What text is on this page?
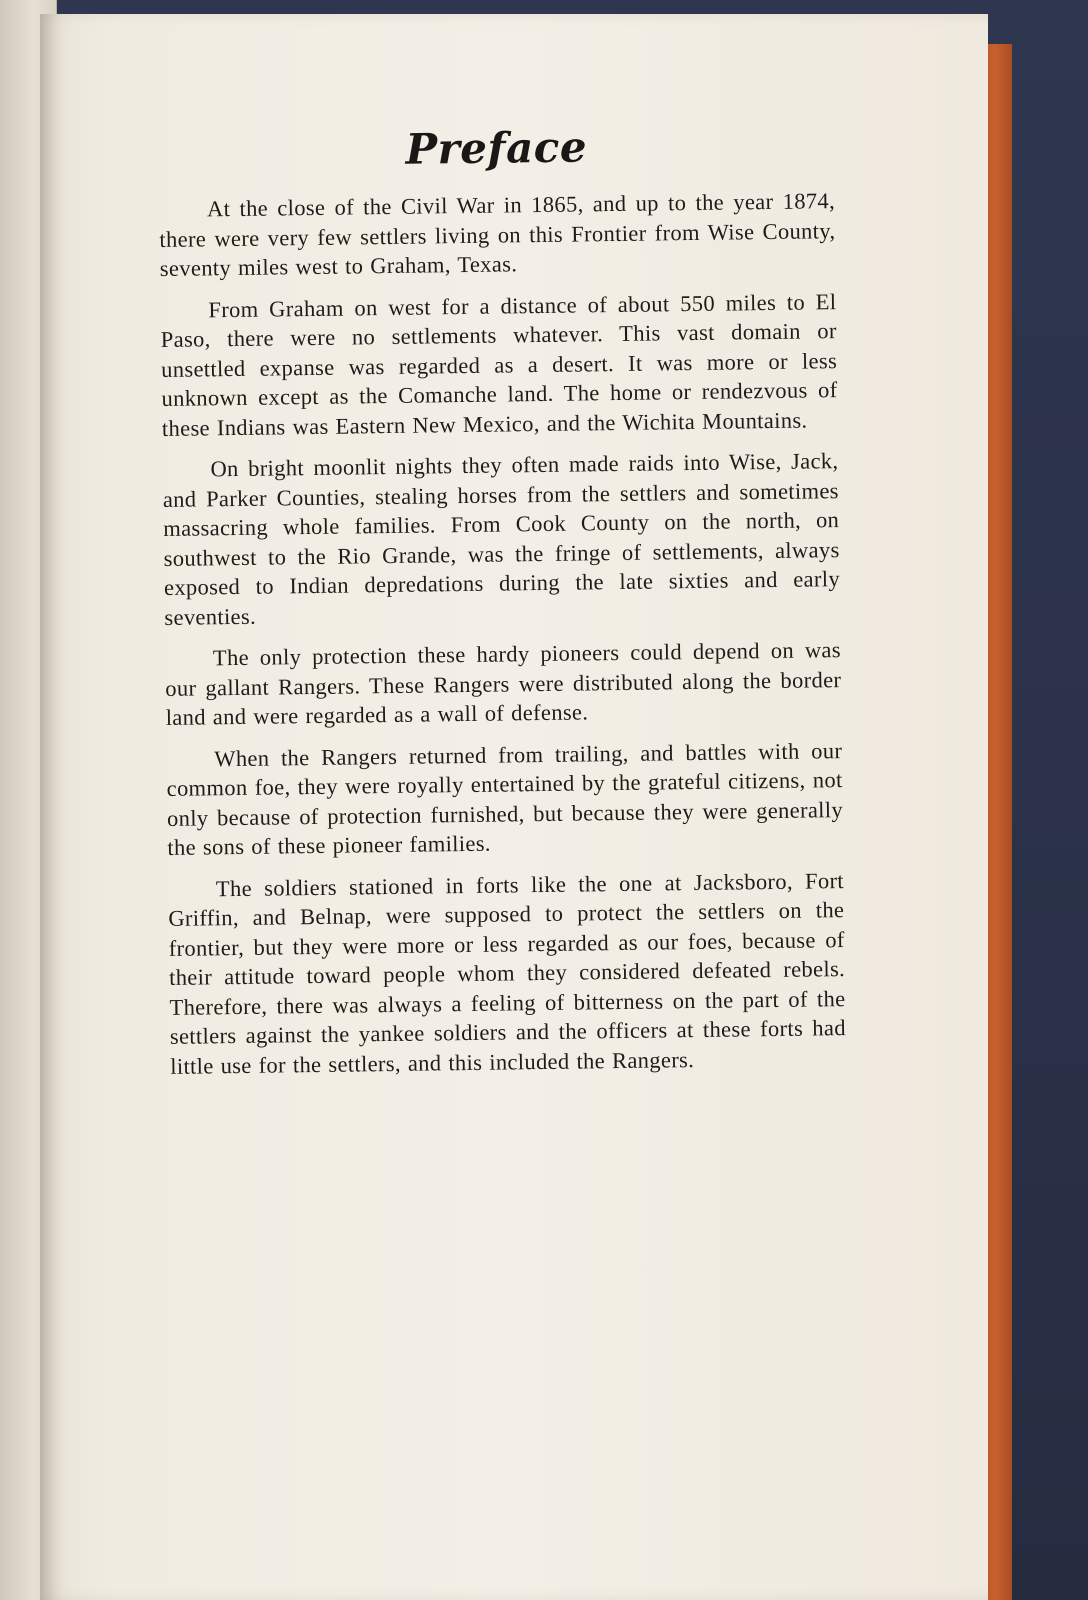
Preface

At the close of the Civil War in 1865, and up to the year 1874, there were very few settlers living on this Frontier from Wise County, seventy miles west to Graham, Texas.

From Graham on west for a distance of about 550 miles to El Paso, there were no settlements whatever. This vast domain or unsettled expanse was regarded as a desert. It was more or less unknown except as the Comanche land. The home or rendezvous of these Indians was Eastern New Mexico, and the Wichita Mountains.

On bright moonlit nights they often made raids into Wise, Jack, and Parker Counties, stealing horses from the settlers and sometimes massacring whole families. From Cook County on the north, on southwest to the Rio Grande, was the fringe of settlements, always exposed to Indian depredations during the late sixties and early seventies.

The only protection these hardy pioneers could depend on was our gallant Rangers. These Rangers were distributed along the border land and were regarded as a wall of defense.

When the Rangers returned from trailing, and battles with our common foe, they were royally entertained by the grateful citizens, not only because of protection furnished, but because they were generally the sons of these pioneer families.

The soldiers stationed in forts like the one at Jacksboro, Fort Griffin, and Belnap, were supposed to protect the settlers on the frontier, but they were more or less regarded as our foes, because of their attitude toward people whom they considered defeated rebels. Therefore, there was always a feeling of bitterness on the part of the settlers against the yankee soldiers and the officers at these forts had little use for the settlers, and this included the Rangers.
